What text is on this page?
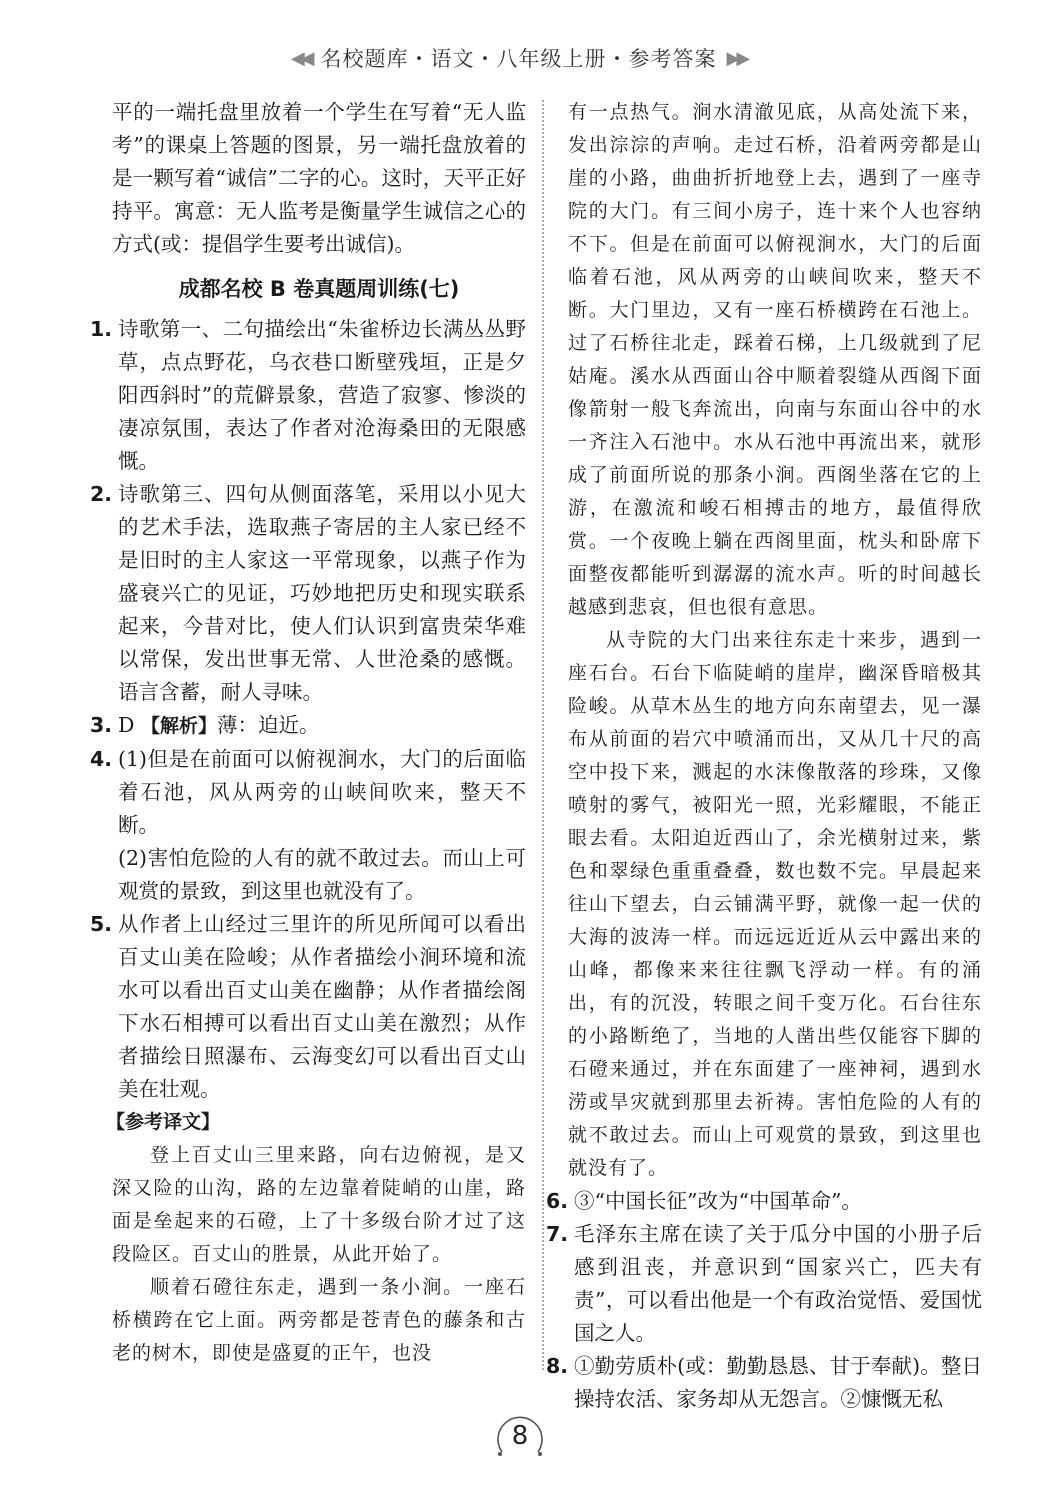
◀◀ 名校题库・语文・八年级上册・参考答案 ▶▶

平的一端托盘里放着一个学生在写着“无人监考”的课桌上答题的图景，另一端托盘放着的是一颗写着“诚信”二字的心。这时，天平正好持平。寓意：无人监考是衡量学生诚信之心的方式(或：提倡学生要考出诚信)。

成都名校 B 卷真题周训练(七)
1. 诗歌第一、二句描绘出“朱雀桥边长满丛丛野草，点点野花，乌衣巷口断壁残垣，正是夕阳西斜时”的荒僻景象，营造了寂寥、惨淡的凄凉氛围，表达了作者对沧海桑田的无限感慨。

2. 诗歌第三、四句从侧面落笔，采用以小见大的艺术手法，选取燕子寄居的主人家已经不是旧时的主人家这一平常现象，以燕子作为盛衰兴亡的见证，巧妙地把历史和现实联系起来，今昔对比，使人们认识到富贵荣华难以常保，发出世事无常、人世沧桑的感慨。语言含蓄，耐人寻味。

3. D 【解析】薄：迫近。

4. (1)但是在前面可以俯视涧水，大门的后面临着石池，风从两旁的山峡间吹来，整天不断。

(2)害怕危险的人有的就不敢过去。而山上可观赏的景致，到这里也就没有了。

5. 从作者上山经过三里许的所见所闻可以看出百丈山美在险峻；从作者描绘小涧环境和流水可以看出百丈山美在幽静；从作者描绘阁下水石相搏可以看出百丈山美在激烈；从作者描绘日照瀑布、云海变幻可以看出百丈山美在壮观。

【参考译文】

登上百丈山三里来路，向右边俯视，是又深又险的山沟，路的左边靠着陡峭的山崖，路面是垒起来的石磴，上了十多级台阶才过了这段险区。百丈山的胜景，从此开始了。

顺着石磴往东走，遇到一条小涧。一座石桥横跨在它上面。两旁都是苍青色的藤条和古老的树木，即使是盛夏的正午，也没

有一点热气。涧水清澈见底，从高处流下来，发出淙淙的声响。走过石桥，沿着两旁都是山崖的小路，曲曲折折地登上去，遇到了一座寺院的大门。有三间小房子，连十来个人也容纳不下。但是在前面可以俯视涧水，大门的后面临着石池，风从两旁的山峡间吹来，整天不断。大门里边，又有一座石桥横跨在石池上。过了石桥往北走，踩着石梯，上几级就到了尼姑庵。溪水从西面山谷中顺着裂缝从西阁下面像箭射一般飞奔流出，向南与东面山谷中的水一齐注入石池中。水从石池中再流出来，就形成了前面所说的那条小涧。西阁坐落在它的上游，在激流和峻石相搏击的地方，最值得欣赏。一个夜晚上躺在西阁里面，枕头和卧席下面整夜都能听到潺潺的流水声。听的时间越长越感到悲哀，但也很有意思。

从寺院的大门出来往东走十来步，遇到一座石台。石台下临陡峭的崖岸，幽深昏暗极其险峻。从草木丛生的地方向东南望去，见一瀑布从前面的岩穴中喷涌而出，又从几十尺的高空中投下来，溅起的水沫像散落的珍珠，又像喷射的雾气，被阳光一照，光彩耀眼，不能正眼去看。太阳迫近西山了，余光横射过来，紫色和翠绿色重重叠叠，数也数不完。早晨起来往山下望去，白云铺满平野，就像一起一伏的大海的波涛一样。而远远近近从云中露出来的山峰，都像来来往往飘飞浮动一样。有的涌出，有的沉没，转眼之间千变万化。石台往东的小路断绝了，当地的人凿出些仅能容下脚的石磴来通过，并在东面建了一座神祠，遇到水涝或旱灾就到那里去祈祷。害怕危险的人有的就不敢过去。而山上可观赏的景致，到这里也就没有了。

6. ③“中国长征”改为“中国革命”。

7. 毛泽东主席在读了关于瓜分中国的小册子后感到沮丧，并意识到“国家兴亡，匹夫有责”，可以看出他是一个有政治觉悟、爱国忧国之人。

8. ①勤劳质朴(或：勤勤恳恳、甘于奉献)。整日操持农活、家务却从无怨言。②慷慨无私

8
